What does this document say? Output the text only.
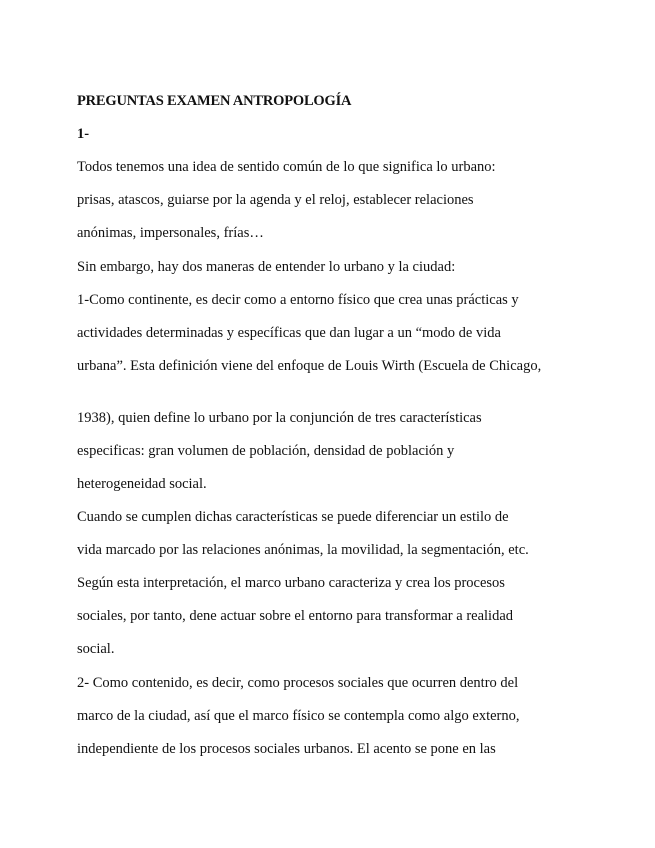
PREGUNTAS EXAMEN ANTROPOLOGÍA

1-

Todos tenemos una idea de sentido común de lo que significa lo urbano:

prisas, atascos, guiarse por la agenda y el reloj, establecer relaciones

anónimas, impersonales, frías…

Sin embargo, hay dos maneras de entender lo urbano y la ciudad:

1-Como continente, es decir como a entorno físico que crea unas prácticas y

actividades determinadas y específicas que dan lugar a un “modo de vida

urbana”. Esta definición viene del enfoque de Louis Wirth (Escuela de Chicago,

1938), quien define lo urbano por la conjunción de tres características

especificas: gran volumen de población, densidad de población y

heterogeneidad social.

Cuando se cumplen dichas características se puede diferenciar un estilo de

vida marcado por las relaciones anónimas, la movilidad, la segmentación, etc.

Según esta interpretación, el marco urbano caracteriza y crea los procesos

sociales, por tanto, dene actuar sobre el entorno para transformar a realidad

social.

2- Como contenido, es decir, como procesos sociales que ocurren dentro del

marco de la ciudad, así que el marco físico se contempla como algo externo,

independiente de los procesos sociales urbanos. El acento se pone en las
